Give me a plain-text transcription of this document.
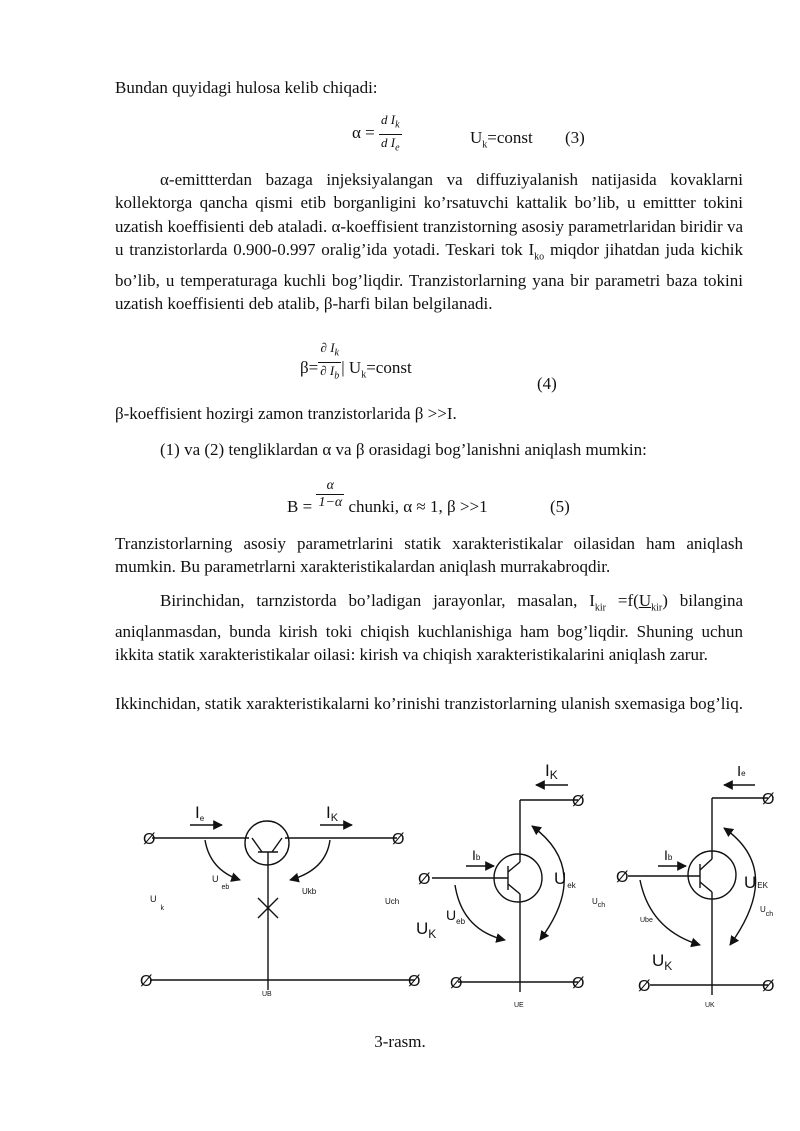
Bundan quyidagi hulosa kelib chiqadi:

$\alpha = \frac{d I_k}{d I_e}$	$U_k=const$ (3)

α-emittterdan bazaga injeksiyalangan va diffuziyalanish natijasida kovaklarni kollektorga qancha qismi etib borganligini ko’rsatuvchi kattalik bo’lib, u emittter tokini uzatish koeffisienti deb ataladi. α-koeffisient tranzistorning asosiy parametrlaridan biridir va u tranzistorlarda 0.900-0.997 oralig’ida yotadi. Teskari tok $I_{ko}$ miqdor jihatdan juda kichik bo’lib, u temperaturaga kuchli bog’liqdir. Tranzistorlarning yana bir parametri baza tokini uzatish koeffisienti deb atalib, β-harfi bilan belgilanadi.

$\beta= \frac{\partial I_k}{\partial I_b}$ | $U_k=const$
(4)

β-koeffisient hozirgi zamon tranzistorlarida β >>I.

(1) va (2) tengliklardan α va β orasidagi bog’lanishni aniqlash mumkin:

$B = \frac{\alpha}{1-\alpha}$ chunki, α ≈ 1, β >>1	(5)

Tranzistorlarning asosiy parametrlarini statik xarakteristikalar oilasidan ham aniqlash mumkin. Bu parametrlarni xarakteristikalardan aniqlash murrakabroqdir.

Birinchidan, tarnzistorda bo’ladigan jarayonlar, masalan, $I_{kir} =f(U_{kir})$ bilangina aniqlanmasdan, bunda kirish toki chiqish kuchlanishiga ham bog’liqdir. Shuning uchun ikkita statik xarakteristikalar oilasi: kirish va chiqish xarakteristikalarini aniqlash zarur.

Ikkinchidan, statik xarakteristikalarni ko’rinishi tranzistorlarning ulanish sxemasiga bog’liq.

Ø	Ø
Ø	Ø
Ø
Ø
Ø	Ø
Ø
Ø
Ø	Ø
Ie	IK
$U_k$
$U_{eb}$	Ukb
Uch
UB
IK
Ib
$U_{ek}$
$U_{eb}$
$U_K$
UE
Ie
Ib
UEK
Uch
Ube
Uch
$U_K$
UK
3-rasm.
